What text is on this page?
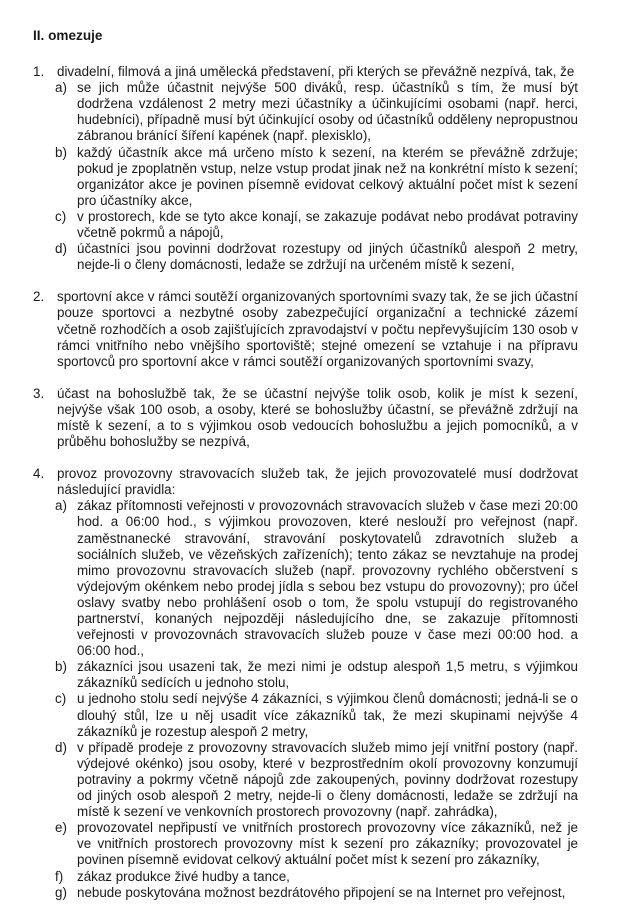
II. omezuje
1. divadelní, filmová a jiná umělecká představení, při kterých se převážně nezpívá, tak, že
a) se jich může účastnit nejvýše 500 diváků, resp. účastníků s tím, že musí být dodržena vzdálenost 2 metry mezi účastníky a účinkujícími osobami (např. herci, hudebníci), případně musí být účinkující osoby od účastníků odděleny nepropustnou zábranou bránící šíření kapének (např. plexisklo),
b) každý účastník akce má určeno místo k sezení, na kterém se převážně zdržuje; pokud je zpoplatněn vstup, nelze vstup prodat jinak než na konkrétní místo k sezení; organizátor akce je povinen písemně evidovat celkový aktuální počet míst k sezení pro účastníky akce,
c) v prostorech, kde se tyto akce konají, se zakazuje podávat nebo prodávat potraviny včetně pokrmů a nápojů,
d) účastníci jsou povinni dodržovat rozestupy od jiných účastníků alespoň 2 metry, nejde-li o členy domácnosti, ledaže se zdržují na určeném místě k sezení,
2. sportovní akce v rámci soutěží organizovaných sportovními svazy tak, že se jich účastní pouze sportovci a nezbytné osoby zabezpečující organizační a technické zázemí včetně rozhodčích a osob zajišťujících zpravodajství v počtu nepřevyšujícím 130 osob v rámci vnitřního nebo vnějšího sportoviště; stejné omezení se vztahuje i na přípravu sportovců pro sportovní akce v rámci soutěží organizovaných sportovními svazy,
3. účast na bohoslužbě tak, že se účastní nejvýše tolik osob, kolik je míst k sezení, nejvýše však 100 osob, a osoby, které se bohoslužby účastní, se převážně zdržují na místě k sezení, a to s výjimkou osob vedoucích bohoslužbu a jejich pomocníků, a v průběhu bohoslužby se nezpívá,
4. provoz provozovny stravovacích služeb tak, že jejich provozovatelé musí dodržovat následující pravidla:
a) zákaz přítomnosti veřejnosti v provozovnách stravovacích služeb v čase mezi 20:00 hod. a 06:00 hod., s výjimkou provozoven, které neslouží pro veřejnost (např. zaměstnanecké stravování, stravování poskytovatelů zdravotních služeb a sociálních služeb, ve vězeňských zařízeních); tento zákaz se nevztahuje na prodej mimo provozovnu stravovacích služeb (např. provozovny rychlého občerstvení s výdejovým okénkem nebo prodej jídla s sebou bez vstupu do provozovny); pro účel oslavy svatby nebo prohlášení osob o tom, že spolu vstupují do registrovaného partnerství, konaných nejpozději následujícího dne, se zakazuje přítomnosti veřejnosti v provozovnách stravovacích služeb pouze v čase mezi 00:00 hod. a 06:00 hod.,
b) zákazníci jsou usazeni tak, že mezi nimi je odstup alespoň 1,5 metru, s výjimkou zákazníků sedících u jednoho stolu,
c) u jednoho stolu sedí nejvýše 4 zákazníci, s výjimkou členů domácnosti; jedná-li se o dlouhý stůl, lze u něj usadit více zákazníků tak, že mezi skupinami nejvýše 4 zákazníků je rozestup alespoň 2 metry,
d) v případě prodeje z provozovny stravovacích služeb mimo její vnitřní postory (např. výdejové okénko) jsou osoby, které v bezprostředním okolí provozovny konzumují potraviny a pokrmy včetně nápojů zde zakoupených, povinny dodržovat rozestupy od jiných osob alespoň 2 metry, nejde-li o členy domácnosti, ledaže se zdržují na místě k sezení ve venkovních prostorech provozovny (např. zahrádka),
e) provozovatel nepřipustí ve vnitřních prostorech provozovny více zákazníků, než je ve vnitřních prostorech provozovny míst k sezení pro zákazníky; provozovatel je povinen písemně evidovat celkový aktuální počet míst k sezení pro zákazníky,
f) zákaz produkce živé hudby a tance,
g) nebude poskytována možnost bezdrátového připojení se na Internet pro veřejnost,
